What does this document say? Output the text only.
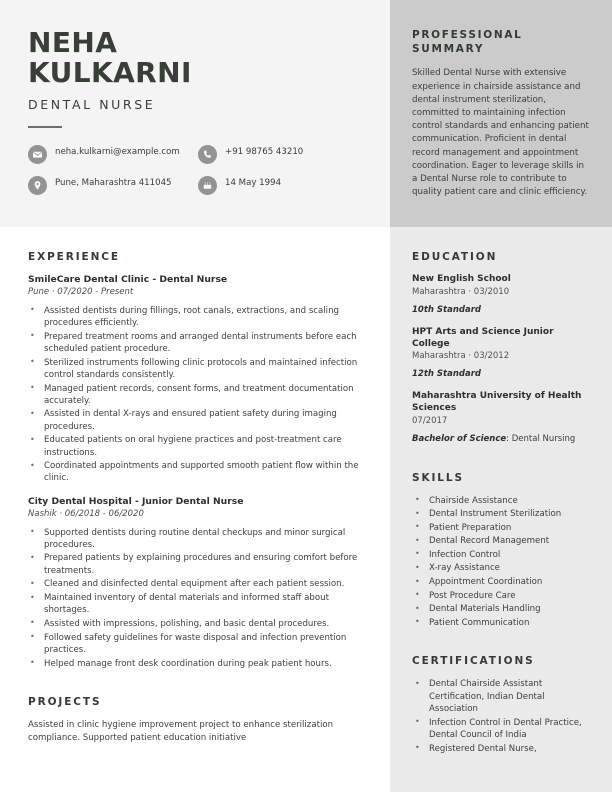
NEHA
KULKARNI
DENTAL NURSE
neha.kulkarni@example.com	+91 98765 43210
Pune, Maharashtra 411045	14 May 1994
PROFESSIONAL SUMMARY

Skilled Dental Nurse with extensive experience in chairside assistance and dental instrument sterilization, committed to maintaining infection control standards and enhancing patient communication. Proficient in dental record management and appointment coordination. Eager to leverage skills in a Dental Nurse role to contribute to quality patient care and clinic efficiency.

EXPERIENCE
SmileCare Dental Clinic - Dental Nurse
Pune · 07/2020 - Present
• Assisted dentists during fillings, root canals, extractions, and scaling procedures efficiently.
• Prepared treatment rooms and arranged dental instruments before each scheduled patient procedure.
• Sterilized instruments following clinic protocols and maintained infection control standards consistently.
• Managed patient records, consent forms, and treatment documentation accurately.
• Assisted in dental X-rays and ensured patient safety during imaging procedures.
• Educated patients on oral hygiene practices and post-treatment care instructions.
• Coordinated appointments and supported smooth patient flow within the clinic.
City Dental Hospital - Junior Dental Nurse
Nashik · 06/2018 - 06/2020
• Supported dentists during routine dental checkups and minor surgical procedures.
• Prepared patients by explaining procedures and ensuring comfort before treatments.
• Cleaned and disinfected dental equipment after each patient session.
• Maintained inventory of dental materials and informed staff about shortages.
• Assisted with impressions, polishing, and basic dental procedures.
• Followed safety guidelines for waste disposal and infection prevention practices.
• Helped manage front desk coordination during peak patient hours.
PROJECTS

Assisted in clinic hygiene improvement project to enhance sterilization compliance. Supported patient education initiative

EDUCATION
New English School
Maharashtra · 03/2010
10th Standard
HPT Arts and Science Junior College
Maharashtra · 03/2012
12th Standard
Maharashtra University of Health Sciences
07/2017
Bachelor of Science: Dental Nursing
SKILLS
• Chairside Assistance
• Dental Instrument Sterilization
• Patient Preparation
• Dental Record Management
• Infection Control
• X-ray Assistance
• Appointment Coordination
• Post Procedure Care
• Dental Materials Handling
• Patient Communication
CERTIFICATIONS
• Dental Chairside Assistant Certification, Indian Dental Association
• Infection Control in Dental Practice, Dental Council of India
• Registered Dental Nurse,
